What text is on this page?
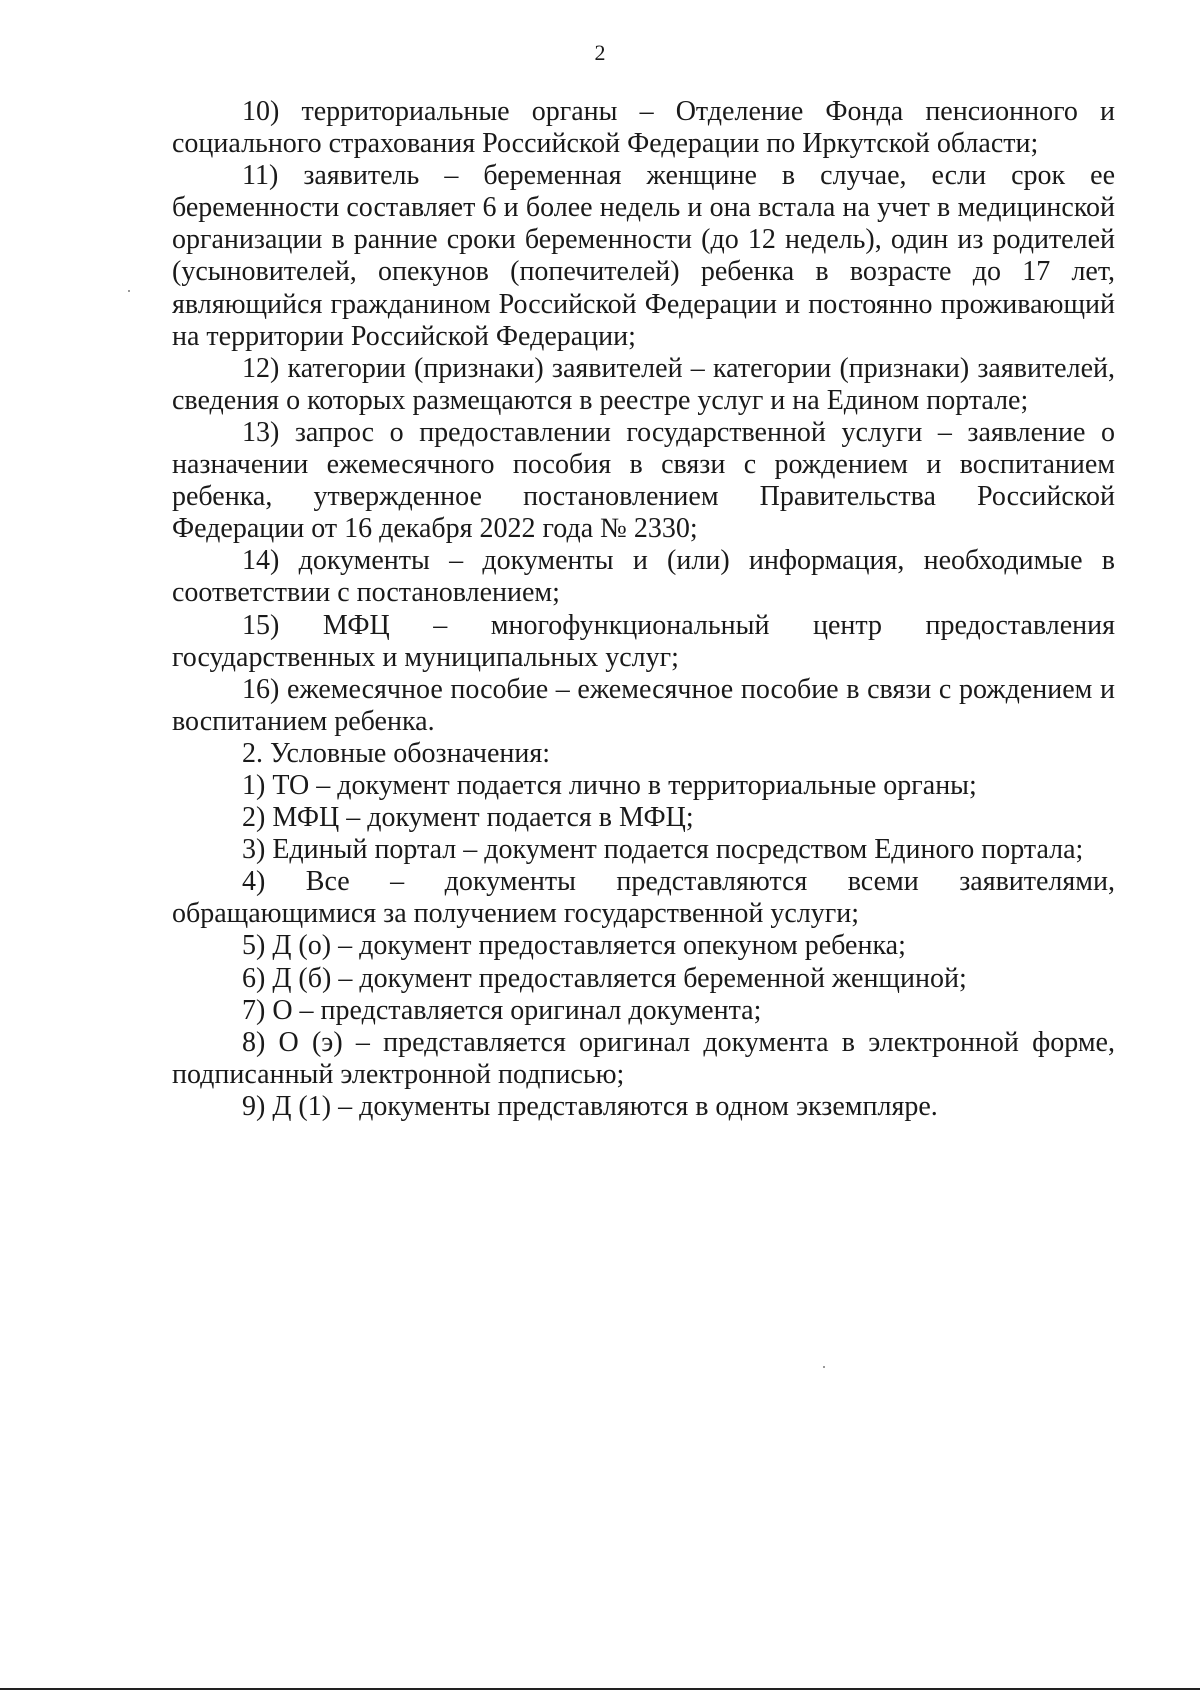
2

10) территориальные органы – Отделение Фонда пенсионного и социального страхования Российской Федерации по Иркутской области;

11) заявитель – беременная женщине в случае, если срок ее беременности составляет 6 и более недель и она встала на учет в медицинской организации в ранние сроки беременности (до 12 недель), один из родителей (усыновителей, опекунов (попечителей) ребенка в возрасте до 17 лет, являющийся гражданином Российской Федерации и постоянно проживающий на территории Российской Федерации;

12) категории (признаки) заявителей – категории (признаки) заявителей, сведения о которых размещаются в реестре услуг и на Едином портале;

13) запрос о предоставлении государственной услуги – заявление о назначении ежемесячного пособия в связи с рождением и воспитанием ребенка, утвержденное постановлением Правительства Российской Федерации от 16 декабря 2022 года № 2330;

14) документы – документы и (или) информация, необходимые в соответствии с постановлением;

15) МФЦ – многофункциональный центр предоставления государственных и муниципальных услуг;

16) ежемесячное пособие – ежемесячное пособие в связи с рождением и воспитанием ребенка.

2. Условные обозначения:

1) ТО – документ подается лично в территориальные органы;

2) МФЦ – документ подается в МФЦ;

3) Единый портал – документ подается посредством Единого портала;

4) Все – документы представляются всеми заявителями, обращающимися за получением государственной услуги;

5) Д (о) – документ предоставляется опекуном ребенка;

6) Д (б) – документ предоставляется беременной женщиной;

7) О – представляется оригинал документа;

8) О (э) – представляется оригинал документа в электронной форме, подписанный электронной подписью;

9) Д (1) – документы представляются в одном экземпляре.
